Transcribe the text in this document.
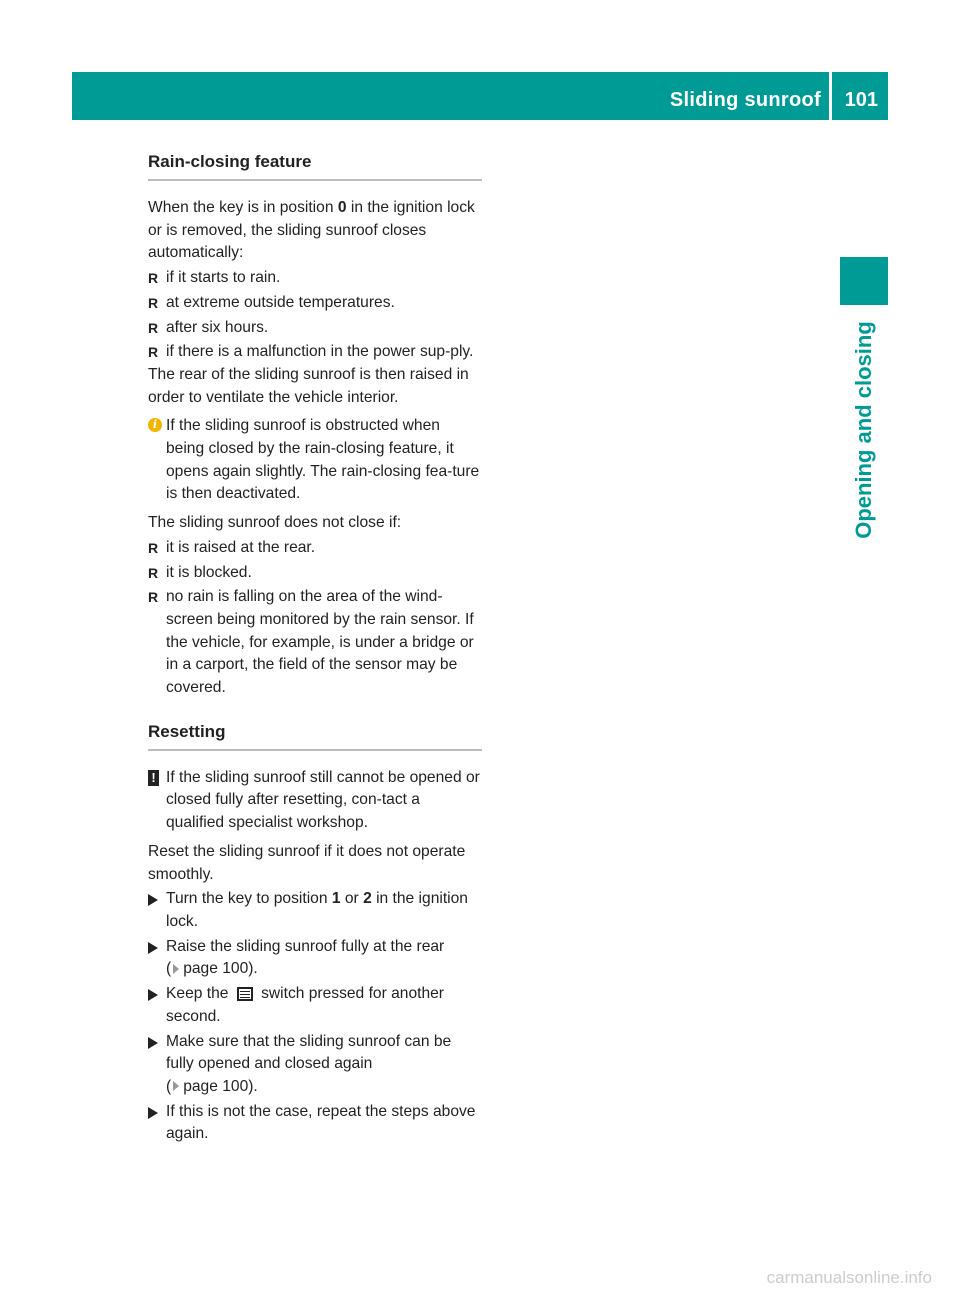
Sliding sunroof 101
Opening and closing
Rain-closing feature

When the key is in position 0 in the ignition lock or is removed, the sliding sunroof closes automatically:

R if it starts to rain.
R at extreme outside temperatures.
R after six hours.
R if there is a malfunction in the power sup-ply.

The rear of the sliding sunroof is then raised in order to ventilate the vehicle interior.

i If the sliding sunroof is obstructed when being closed by the rain-closing feature, it opens again slightly. The rain-closing fea-ture is then deactivated.

The sliding sunroof does not close if:

R it is raised at the rear.
R it is blocked.
R no rain is falling on the area of the wind-screen being monitored by the rain sensor. If the vehicle, for example, is under a bridge or in a carport, the field of the sensor may be covered.
Resetting
! If the sliding sunroof still cannot be opened or closed fully after resetting, con-tact a qualified specialist workshop.

Reset the sliding sunroof if it does not operate smoothly.

Turn the key to position 1 or 2 in the ignition lock.
Raise the sliding sunroof fully at the rear
( page 100).
Keep the  switch pressed for another second.
Make sure that the sliding sunroof can be fully opened and closed again
( page 100).
If this is not the case, repeat the steps above again.
carmanualsonline.info
